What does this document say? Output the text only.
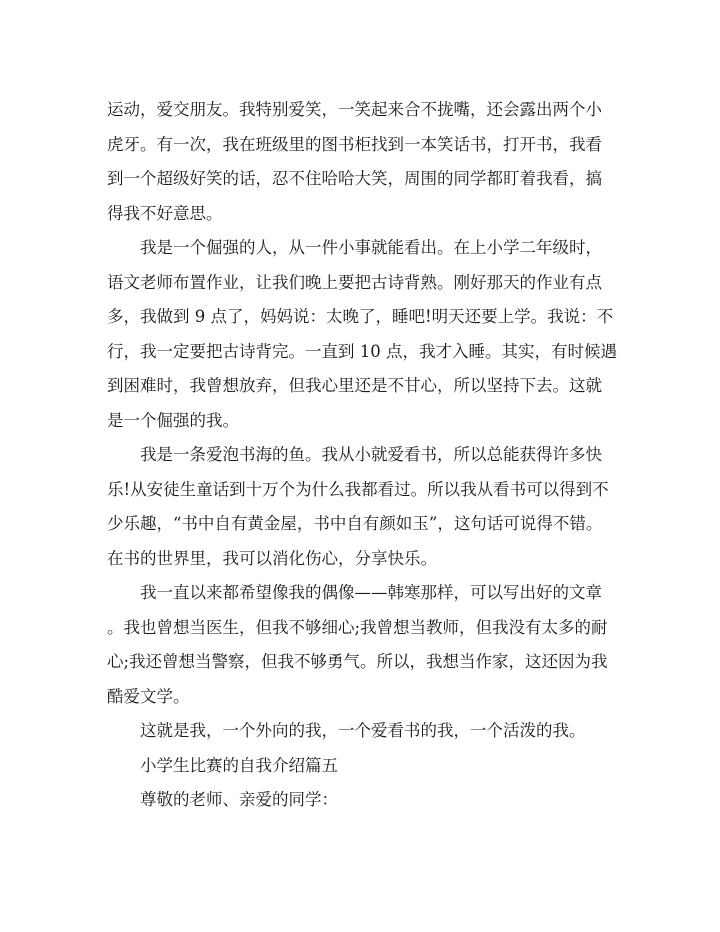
运动，爱交朋友。我特别爱笑，一笑起来合不拢嘴，还会露出两个小
虎牙。有一次，我在班级里的图书柜找到一本笑话书，打开书，我看
到一个超级好笑的话，忍不住哈哈大笑，周围的同学都盯着我看，搞
得我不好意思。

我是一个倔强的人，从一件小事就能看出。在上小学二年级时，
语文老师布置作业，让我们晚上要把古诗背熟。刚好那天的作业有点
多，我做到 9 点了，妈妈说：太晚了，睡吧!明天还要上学。我说：不
行，我一定要把古诗背完。一直到 10 点，我才入睡。其实，有时候遇
到困难时，我曾想放弃，但我心里还是不甘心，所以坚持下去。这就
是一个倔强的我。

我是一条爱泡书海的鱼。我从小就爱看书，所以总能获得许多快
乐!从安徒生童话到十万个为什么我都看过。所以我从看书可以得到不
少乐趣，“书中自有黄金屋，书中自有颜如玉”，这句话可说得不错。
在书的世界里，我可以消化伤心，分享快乐。

我一直以来都希望像我的偶像——韩寒那样，可以写出好的文章
。我也曾想当医生，但我不够细心;我曾想当教师，但我没有太多的耐
心;我还曾想当警察，但我不够勇气。所以，我想当作家，这还因为我
酷爱文学。

这就是我，一个外向的我，一个爱看书的我，一个活泼的我。

小学生比赛的自我介绍篇五

尊敬的老师、亲爱的同学：
